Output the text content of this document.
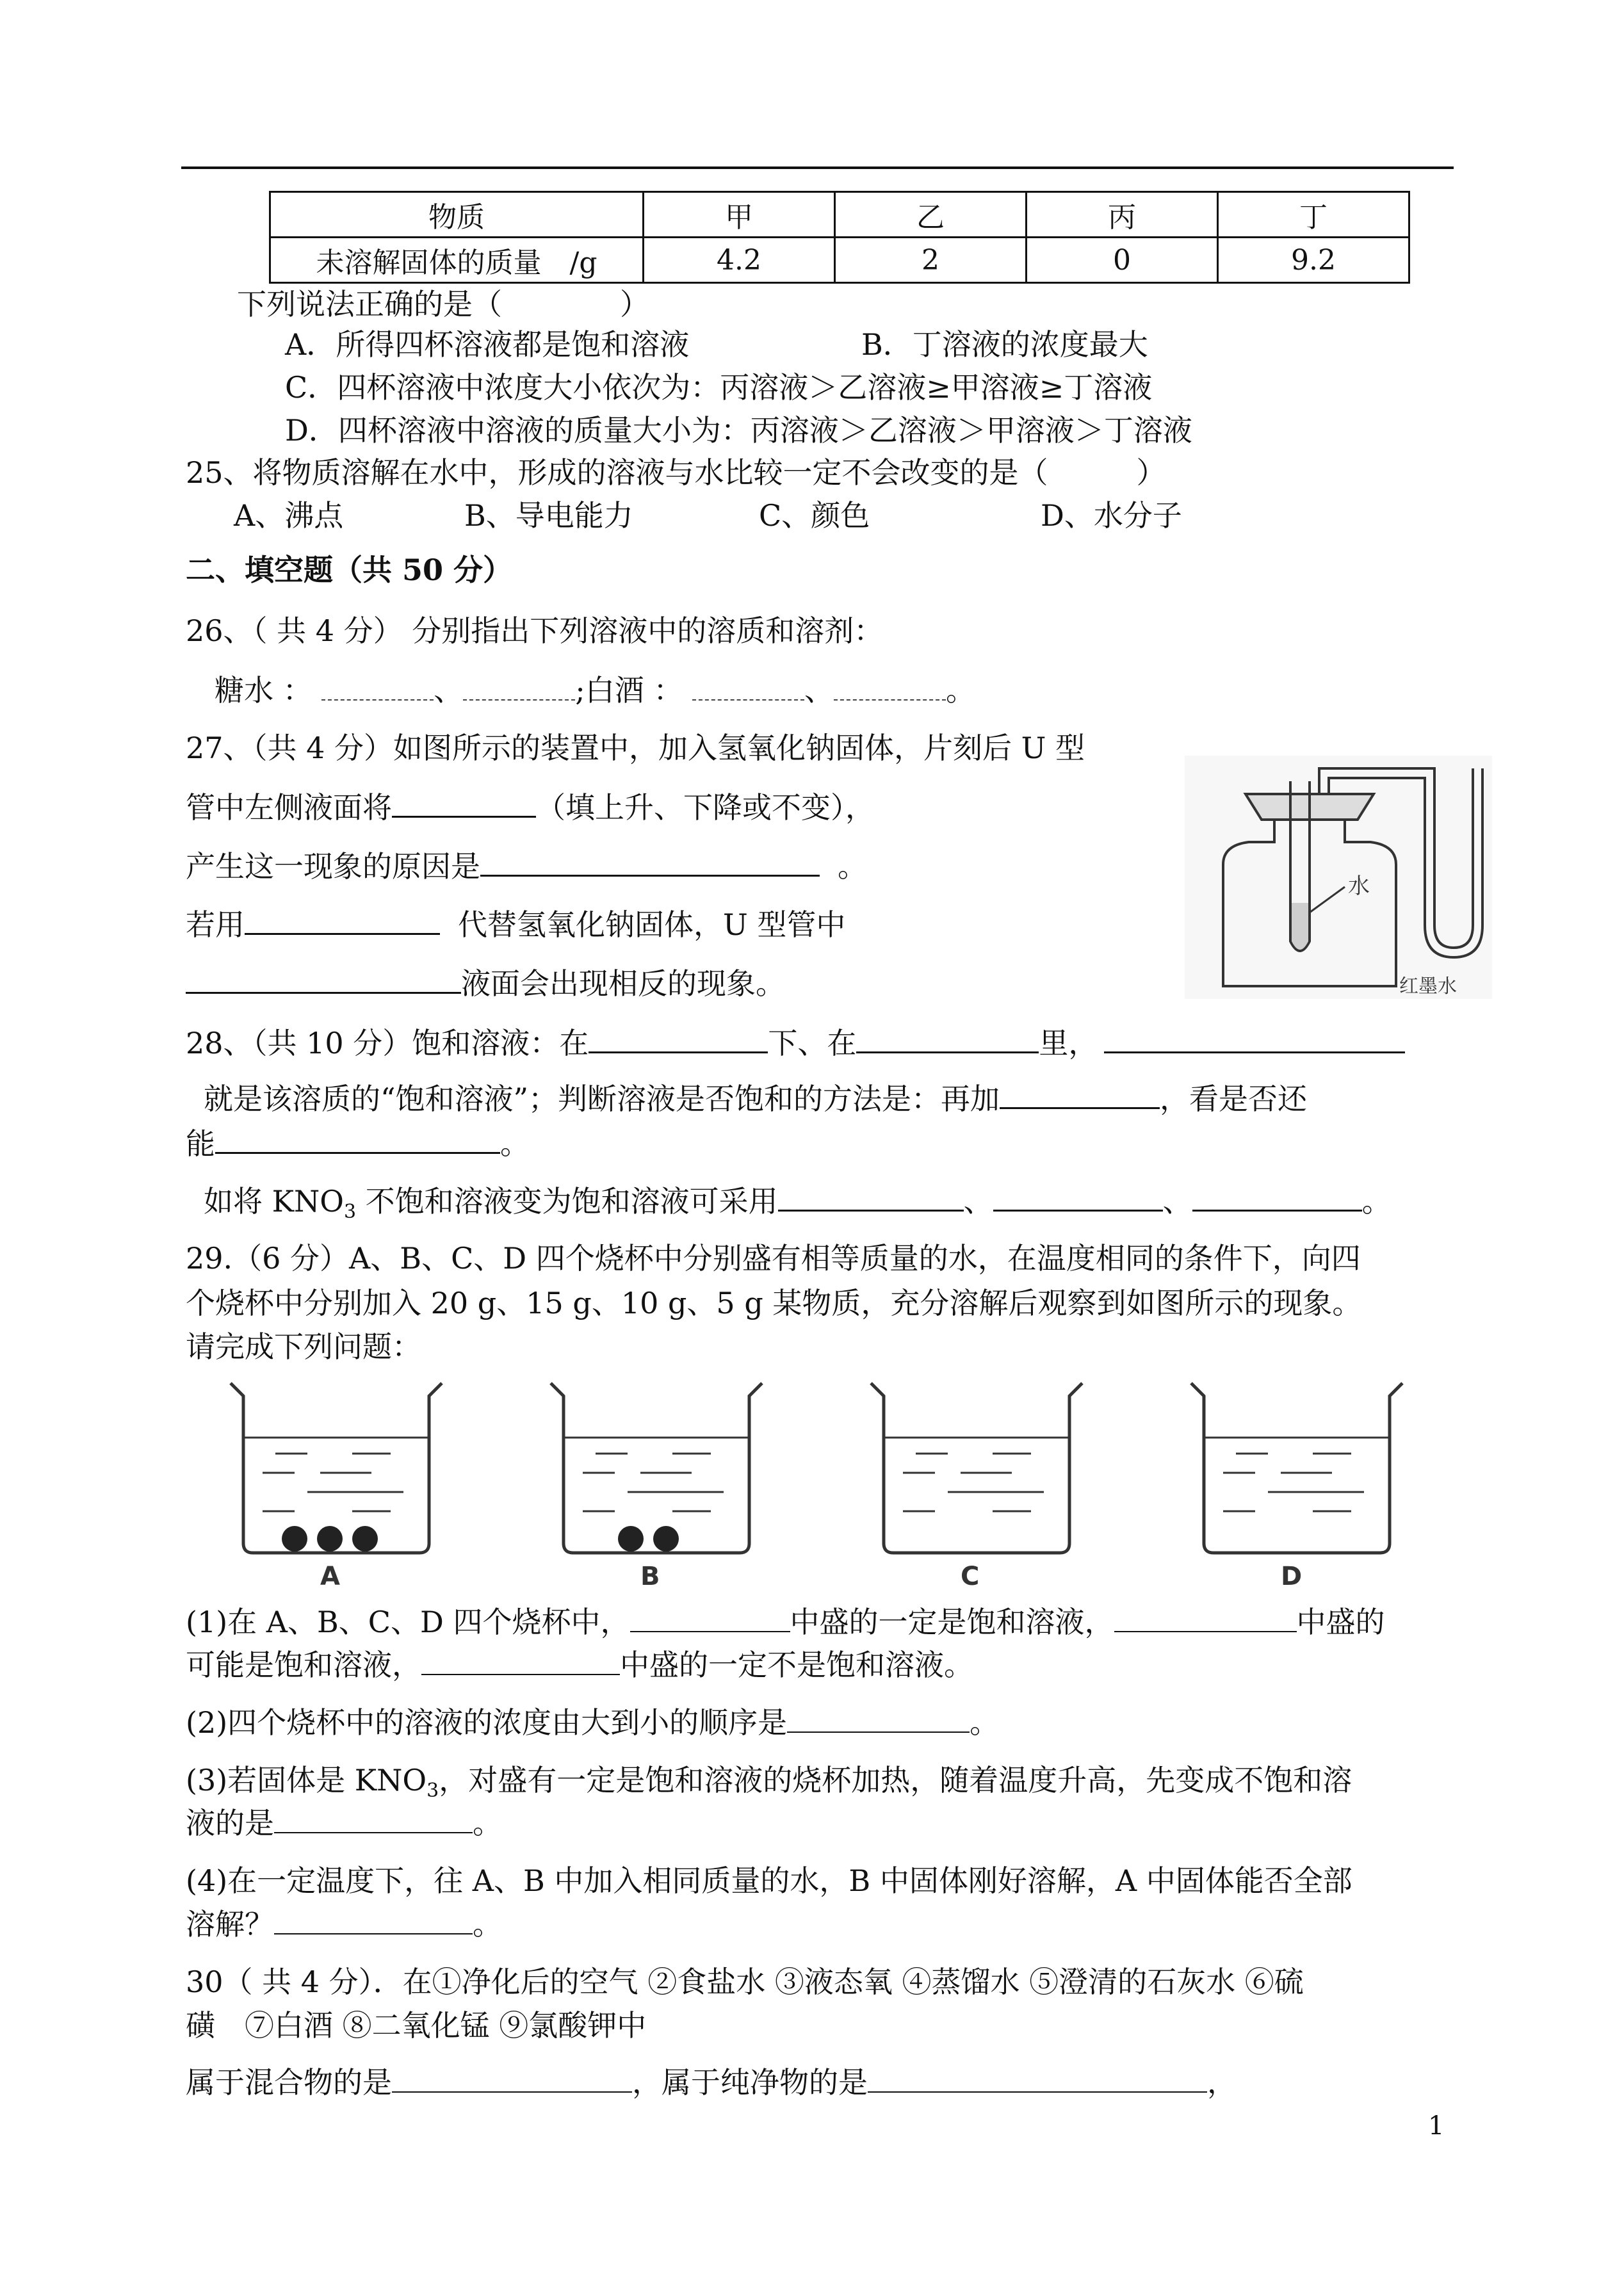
物质	甲	乙	丙	丁
未溶解固体的质量　/g	4.2	2	0	9.2
下列说法正确的是（　　　　）
A．所得四杯溶液都是饱和溶液	B．丁溶液的浓度最大
C．四杯溶液中浓度大小依次为：丙溶液＞乙溶液≥甲溶液≥丁溶液
D．四杯溶液中溶液的质量大小为：丙溶液＞乙溶液＞甲溶液＞丁溶液
25、将物质溶解在水中，形成的溶液与水比较一定不会改变的是（　　　）
A、沸点	B、导电能力	C、颜色	D、水分子
二、填空题（共 50 分）
26、（ 共 4 分） 分别指出下列溶液中的溶质和溶剂：
糖水 ：	、	;白酒 ：	、	。
27、（共 4 分）如图所示的装置中，加入氢氧化钠固体，片刻后 U 型
管中左侧液面将	（填上升、下降或不变），
产生这一现象的原因是	。
若用	代替氢氧化钠固体，U 型管中
液面会出现相反的现象。
水
红墨水
28、（共 10 分）饱和溶液：在	下、在	里，
就是该溶质的“饱和溶液”；判断溶液是否饱和的方法是：再加	，看是否还
能	。
如将 $KNO_3$ 不饱和溶液变为饱和溶液可采用	、	、	。
29.（6 分）A、B、C、D 四个烧杯中分别盛有相等质量的水，在温度相同的条件下，向四
个烧杯中分别加入 20 g、15 g、10 g、5 g 某物质，充分溶解后观察到如图所示的现象。
请完成下列问题：
A	B	C	D
(1)在 A、B、C、D 四个烧杯中，	中盛的一定是饱和溶液，	中盛的
可能是饱和溶液，	中盛的一定不是饱和溶液。
(2)四个烧杯中的溶液的浓度由大到小的顺序是	。
(3)若固体是 $KNO_3$，对盛有一定是饱和溶液的烧杯加热，随着温度升高，先变成不饱和溶
液的是	。
(4)在一定温度下，往 A、B 中加入相同质量的水，B 中固体刚好溶解，A 中固体能否全部
溶解？	。
30（ 共 4 分）．在①净化后的空气 ②食盐水 ③液态氧 ④蒸馏水 ⑤澄清的石灰水 ⑥硫
磺　⑦白酒 ⑧二氧化锰 ⑨氯酸钾中
属于混合物的是	，属于纯净物的是	，
1
